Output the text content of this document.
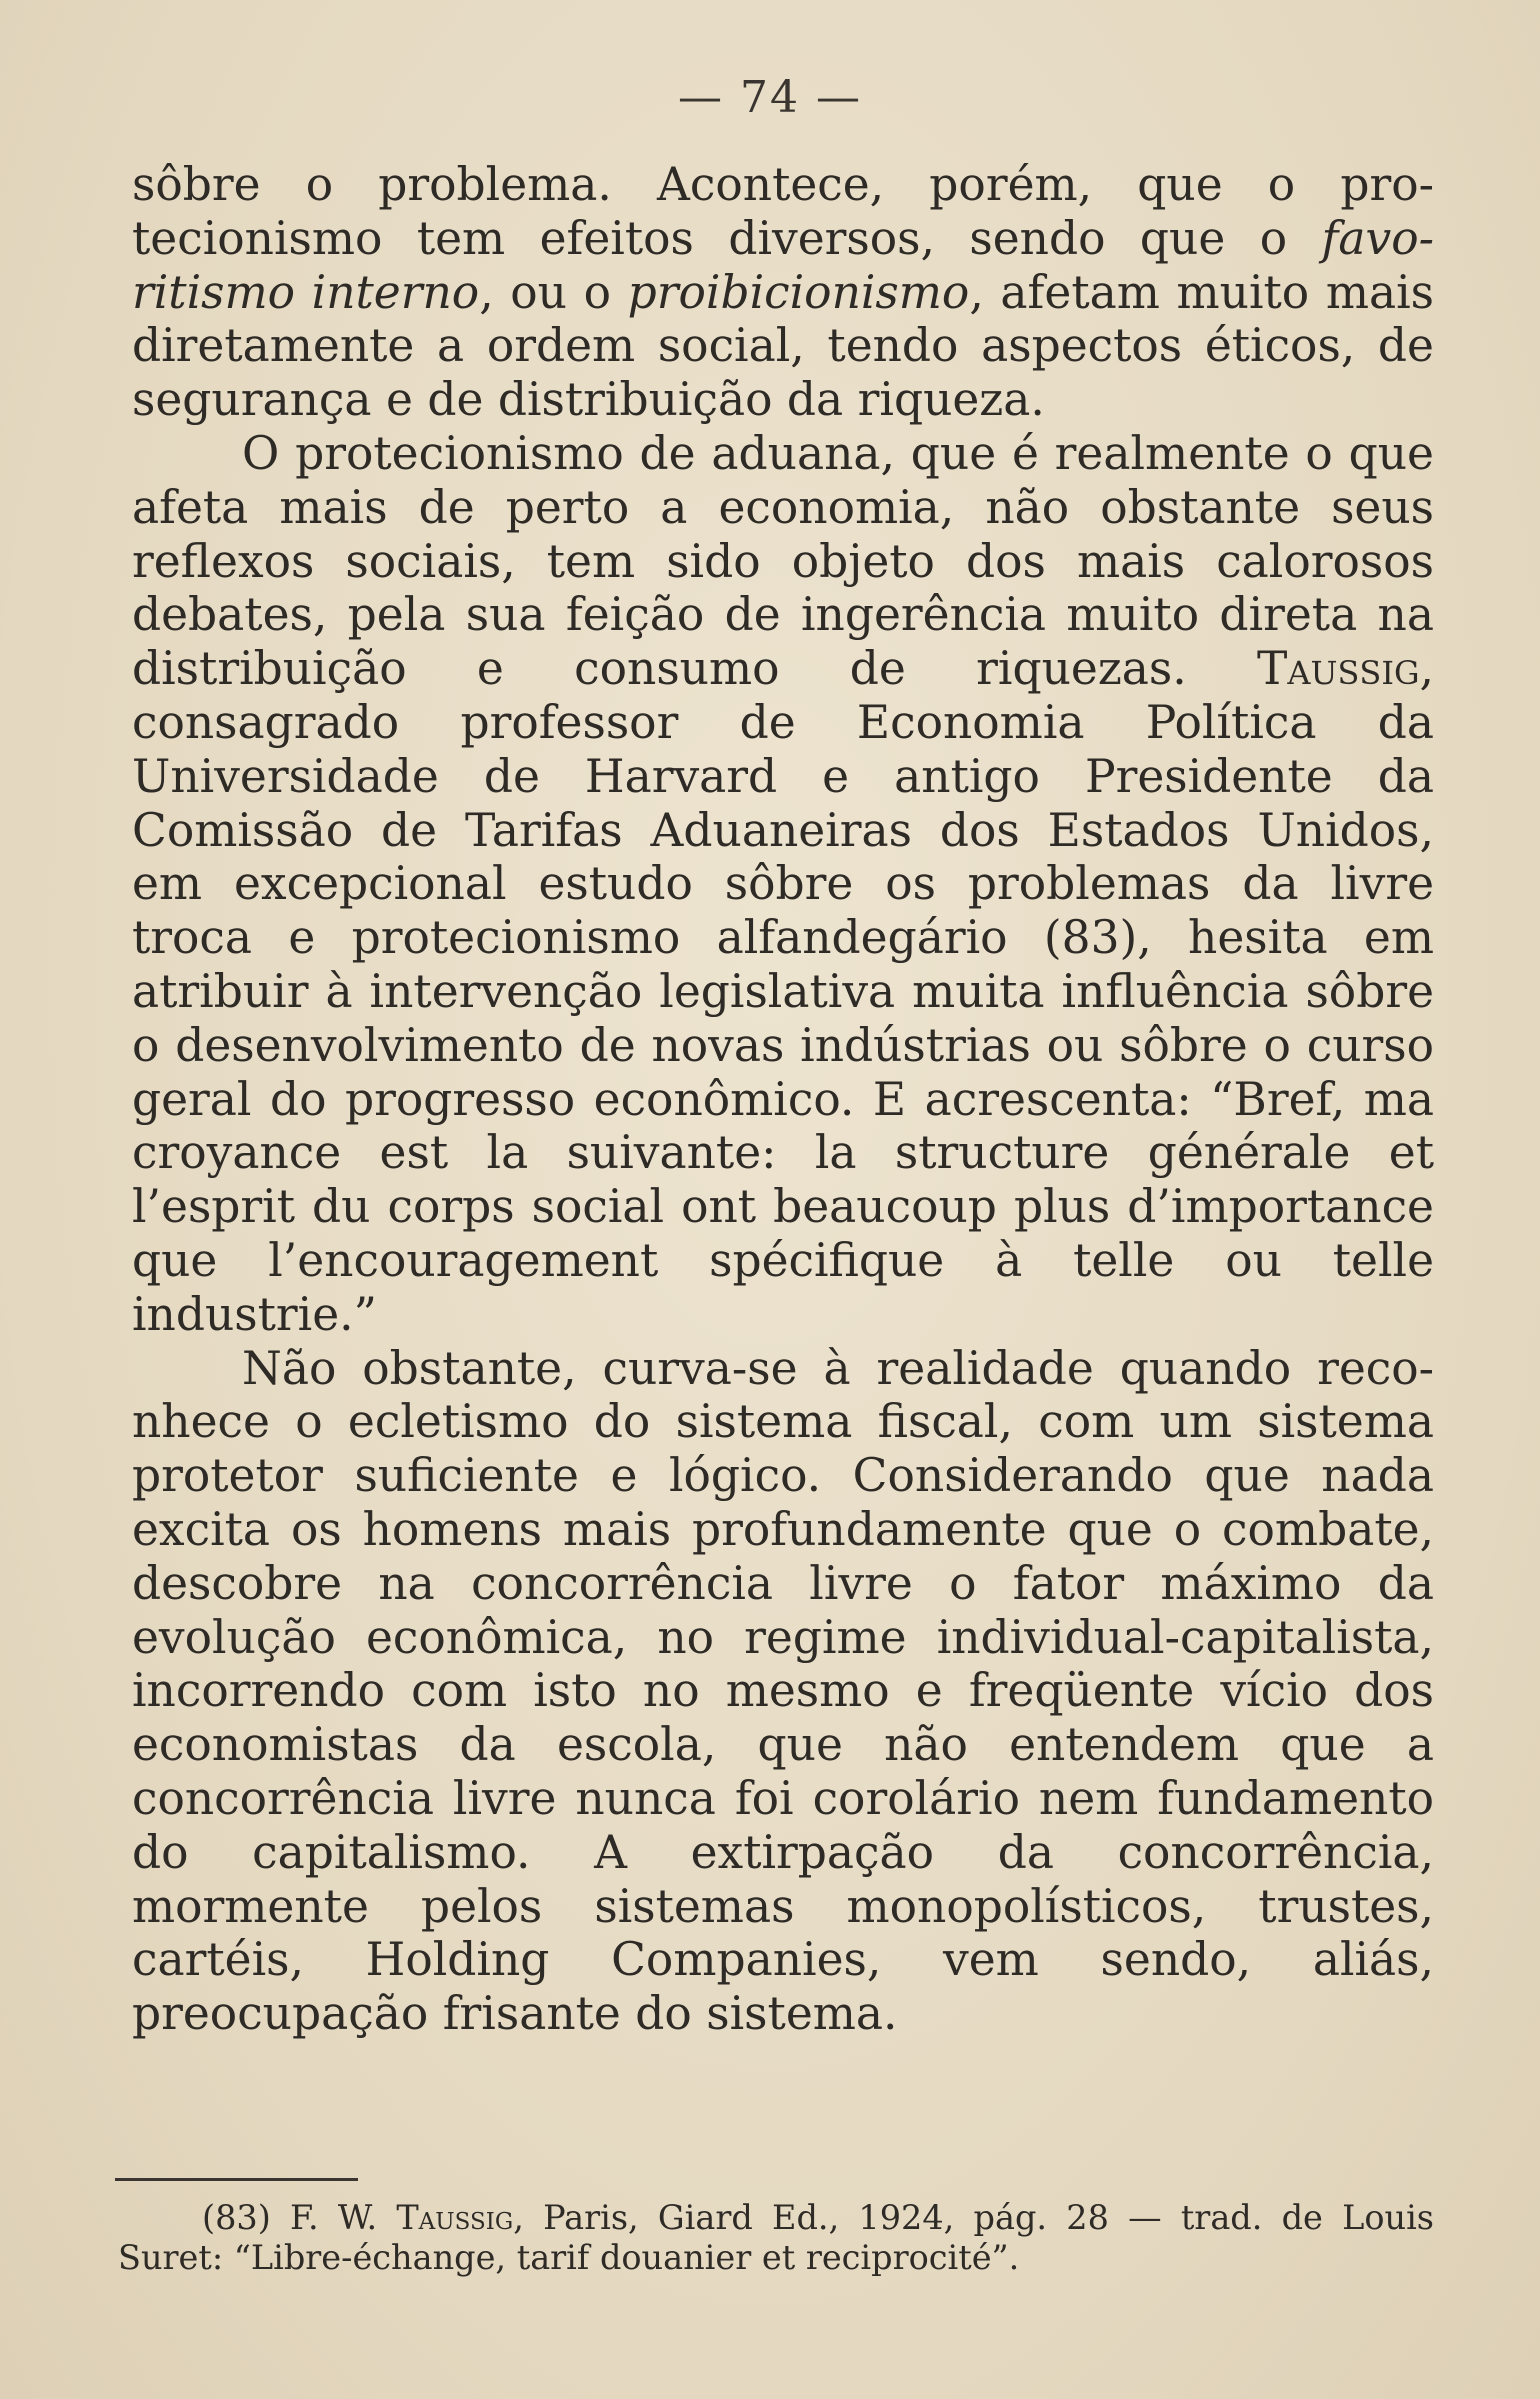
— 74 —

sôbre o problema. Acontece, porém, que o protecionismo tem efeitos diversos, sendo que o favoritismo interno, ou o proibicionismo, afetam muito mais diretamente a ordem social, tendo aspectos éticos, de segurança e de distribuição da riqueza.

O protecionismo de aduana, que é realmente o que afeta mais de perto a economia, não obstante seus reflexos sociais, tem sido objeto dos mais calorosos debates, pela sua feição de ingerência muito direta na distribuição e consumo de riquezas. Taussig, consagrado professor de Economia Política da Universidade de Harvard e antigo Presidente da Comissão de Tarifas Aduaneiras dos Estados Unidos, em excepcional estudo sôbre os problemas da livre troca e protecionismo alfandegário (83), hesita em atribuir à intervenção legislativa muita influência sôbre o desenvolvimento de novas indústrias ou sôbre o curso geral do progresso econômico. E acrescenta: “Bref, ma croyance est la suivante: la structure générale et l’esprit du corps social ont beaucoup plus d’importance que l’encouragement spécifique à telle ou telle industrie.”

Não obstante, curva-se à realidade quando reconhece o ecletismo do sistema fiscal, com um sistema protetor suficiente e lógico. Considerando que nada excita os homens mais profundamente que o combate, descobre na concorrência livre o fator máximo da evolução econômica, no regime individual-capitalista, incorrendo com isto no mesmo e freqüente vício dos economistas da escola, que não entendem que a concorrência livre nunca foi corolário nem fundamento do capitalismo. A extirpação da concorrência, mormente pelos sistemas monopolísticos, trustes, cartéis, Holding Companies, vem sendo, aliás, preocupação frisante do sistema.

(83) F. W. Taussig, Paris, Giard Ed., 1924, pág. 28 — trad. de Louis Suret: “Libre-échange, tarif douanier et reciprocité”.
